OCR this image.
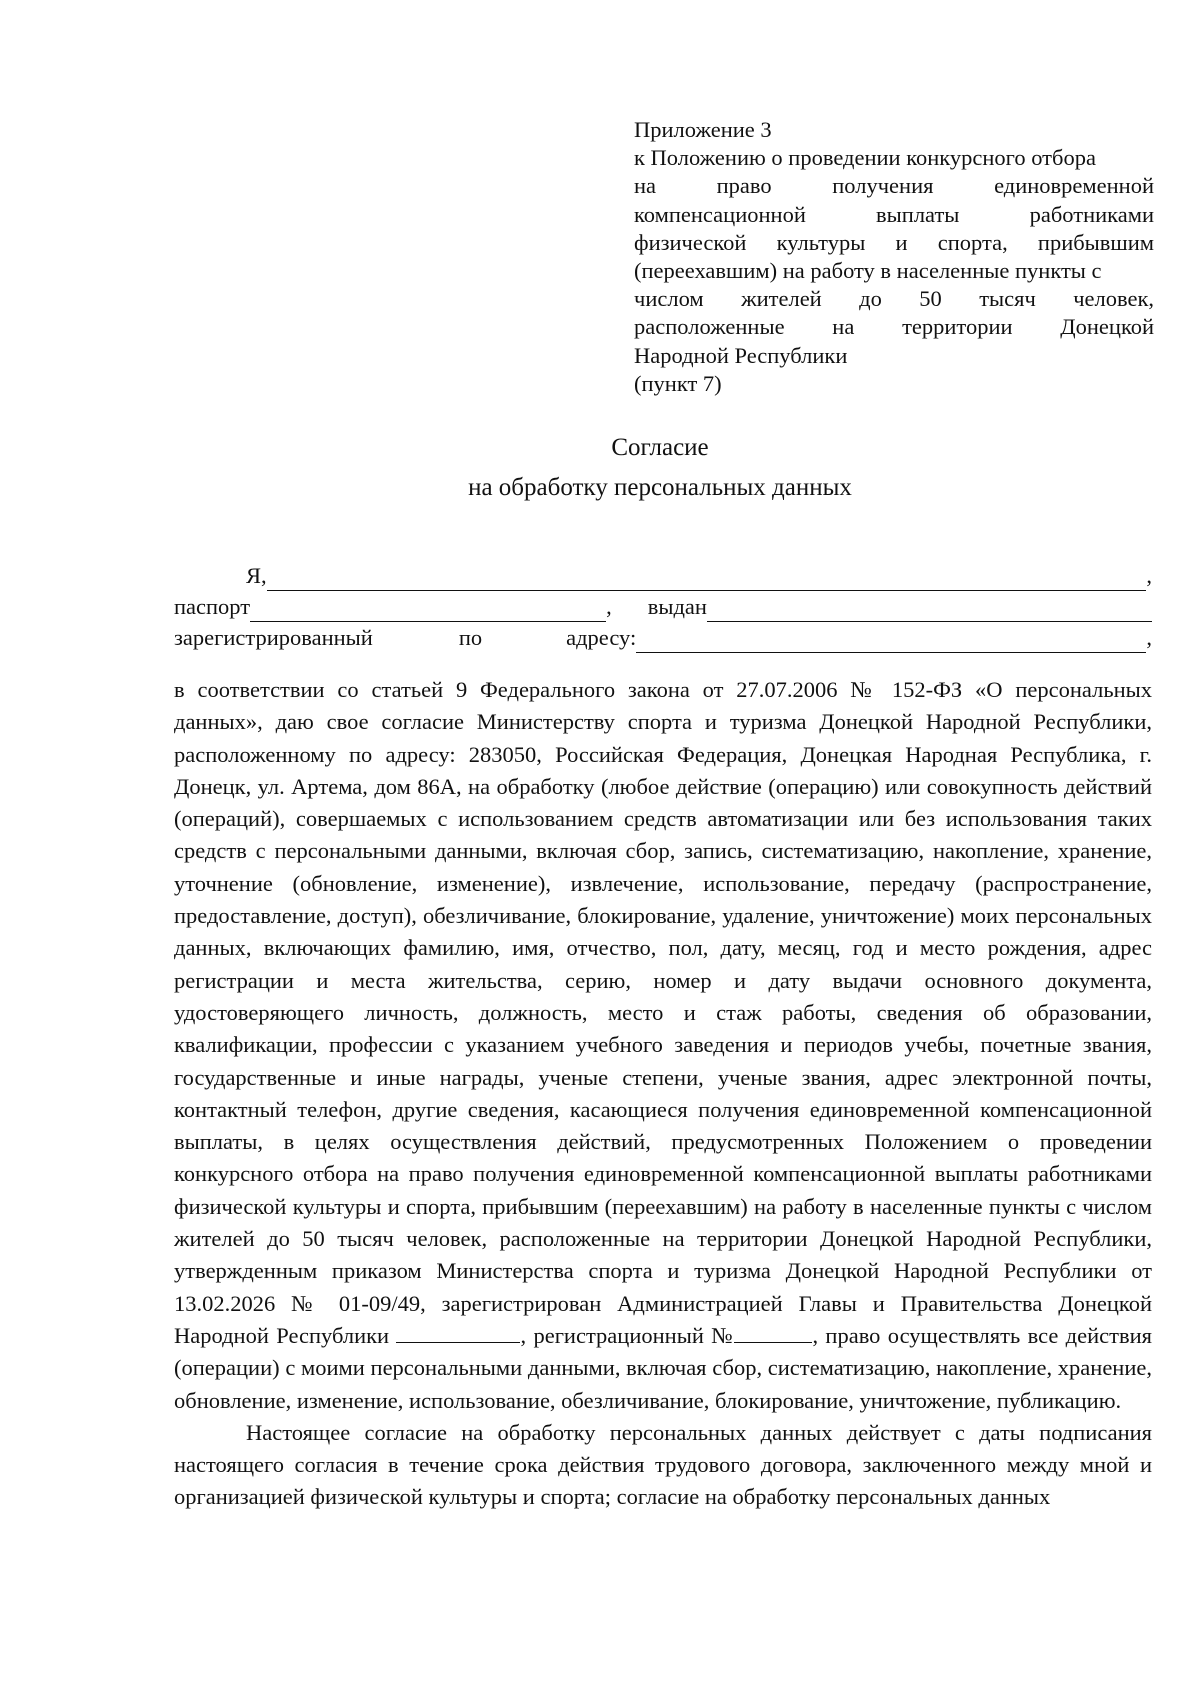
Приложение 3
к Положению о проведении конкурсного отбора
на	право	получения	единовременной
компенсационной	выплаты	работниками
физической культуры и спорта, прибывшим
(переехавшим) на работу в населенные пункты с
числом жителей до 50 тысяч человек,
расположенные на территории Донецкой
Народной Республики
(пункт 7)
Согласие
на обработку персональных данных
Я,	,
паспорт	, выдан
зарегистрированный	по	адресу:	,

в соответствии со статьей 9 Федерального закона от 27.07.2006 № 152-ФЗ «О персональных данных», даю свое согласие Министерству спорта и туризма Донецкой Народной Республики, расположенному по адресу: 283050, Российская Федерация, Донецкая Народная Республика, г. Донецк, ул. Артема, дом 86А, на обработку (любое действие (операцию) или совокупность действий (операций), совершаемых с использованием средств автоматизации или без использования таких средств с персональными данными, включая сбор, запись, систематизацию, накопление, хранение, уточнение (обновление, изменение), извлечение, использование, передачу (распространение, предоставление, доступ), обезличивание, блокирование, удаление, уничтожение) моих персональных данных, включающих фамилию, имя, отчество, пол, дату, месяц, год и место рождения, адрес регистрации и места жительства, серию, номер и дату выдачи основного документа, удостоверяющего личность, должность, место и стаж работы, сведения об образовании, квалификации, профессии с указанием учебного заведения и периодов учебы, почетные звания, государственные и иные награды, ученые степени, ученые звания, адрес электронной почты, контактный телефон, другие сведения, касающиеся получения единовременной компенсационной выплаты, в целях осуществления действий, предусмотренных Положением о проведении конкурсного отбора на право получения единовременной компенсационной выплаты работниками физической культуры и спорта, прибывшим (переехавшим) на работу в населенные пункты с числом жителей до 50 тысяч человек, расположенные на территории Донецкой Народной Республики, утвержденным приказом Министерства спорта и туризма Донецкой Народной Республики от 13.02.2026 № 01-09/49, зарегистрирован Администрацией Главы и Правительства Донецкой Народной Республики	, регистрационный №	, право осуществлять все действия (операции) с моими персональными данными, включая сбор, систематизацию, накопление, хранение, обновление, изменение, использование, обезличивание, блокирование, уничтожение, публикацию.

Настоящее согласие на обработку персональных данных действует с даты подписания настоящего согласия в течение срока действия трудового договора, заключенного между мной и организацией физической культуры и спорта; согласие на обработку персональных данных
